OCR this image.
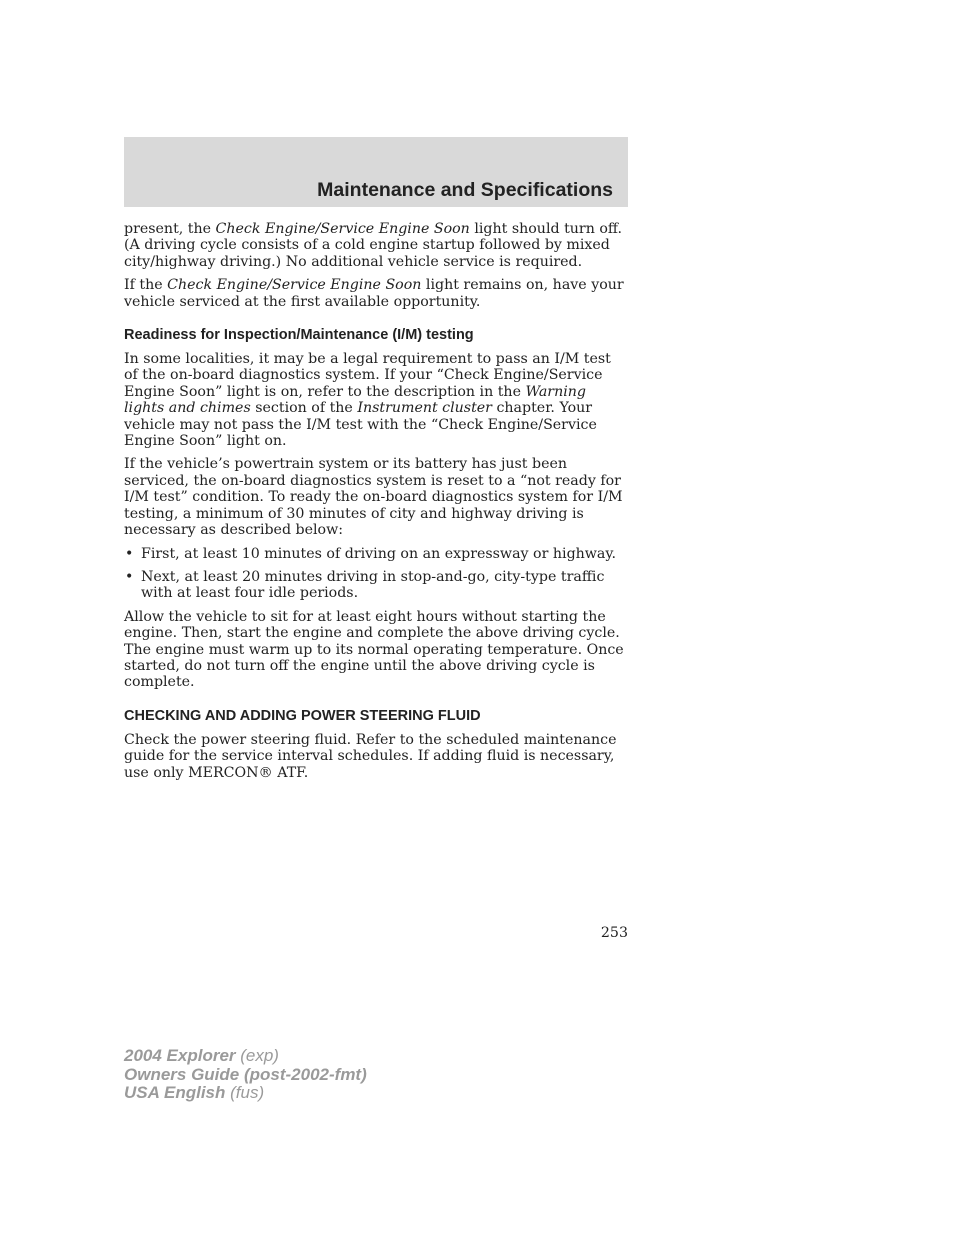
Maintenance and Specifications

present, the Check Engine/Service Engine Soon light should turn off. (A driving cycle consists of a cold engine startup followed by mixed city/highway driving.) No additional vehicle service is required.

If the Check Engine/Service Engine Soon light remains on, have your vehicle serviced at the first available opportunity.

Readiness for Inspection/Maintenance (I/M) testing

In some localities, it may be a legal requirement to pass an I/M test of the on-board diagnostics system. If your “Check Engine/Service Engine Soon” light is on, refer to the description in the Warning lights and chimes section of the Instrument cluster chapter. Your vehicle may not pass the I/M test with the “Check Engine/Service Engine Soon” light on.

If the vehicle’s powertrain system or its battery has just been serviced, the on-board diagnostics system is reset to a “not ready for I/M test” condition. To ready the on-board diagnostics system for I/M testing, a minimum of 30 minutes of city and highway driving is necessary as described below:

• First, at least 10 minutes of driving on an expressway or highway.
• Next, at least 20 minutes driving in stop-and-go, city-type traffic with at least four idle periods.

Allow the vehicle to sit for at least eight hours without starting the engine. Then, start the engine and complete the above driving cycle. The engine must warm up to its normal operating temperature. Once started, do not turn off the engine until the above driving cycle is complete.

CHECKING AND ADDING POWER STEERING FLUID

Check the power steering fluid. Refer to the scheduled maintenance guide for the service interval schedules. If adding fluid is necessary, use only MERCON® ATF.

253
2004 Explorer (exp)
Owners Guide (post-2002-fmt)
USA English (fus)
